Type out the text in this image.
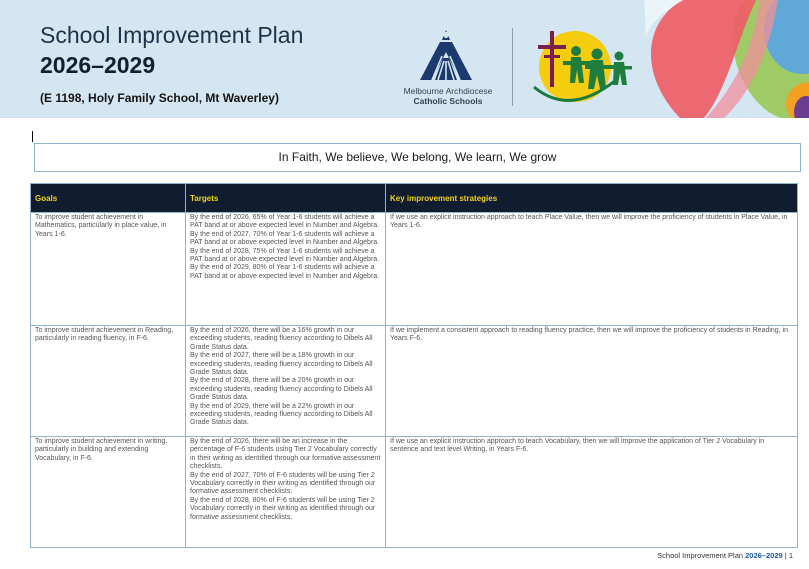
School Improvement Plan
2026–2029
(E 1198, Holy Family School, Mt Waverley)	Melbourne Archdiocese
Catholic Schools
In Faith, We believe, We belong, We learn, We grow
Goals	Targets	Key improvement strategies
To improve student achievement in Mathematics, particularly in place value, in Years 1-6.	By the end of 2026, 65% of Year 1-6 students will achieve a PAT band at or above expected level in Number and Algebra.
By the end of 2027, 70% of Year 1-6 students will achieve a PAT band at or above expected level in Number and Algebra.
By the end of 2028, 75% of Year 1-6 students will achieve a PAT band at or above expected level in Number and Algebra.
By the end of 2029, 80% of Year 1-6 students will achieve a PAT band at or above expected level in Number and Algebra.	If we use an explicit instruction approach to teach Place Value, then we will improve the proficiency of students in Place Value, in Years 1-6.
To improve student achievement in Reading, particularly in reading fluency, in F-6.	By the end of 2026, there will be a 16% growth in our exceeding students, reading fluency according to Dibels All Grade Status data.
By the end of 2027, there will be a 18% growth in our exceeding students, reading fluency according to Dibels All Grade Status data.
By the end of 2028, there will be a 20% growth in our exceeding students, reading fluency according to Dibels All Grade Status data.
By the end of 2029, there will be a 22% growth in our exceeding students, reading fluency according to Dibels All Grade Status data.	If we implement a consistent approach to reading fluency practice, then we will improve the proficiency of students in Reading, in Years F-6.
To improve student achievement in writing, particularly in building and extending Vocabulary, in F-6.	By the end of 2026, there will be an increase in the percentage of F-6 students using Tier 2 Vocabulary correctly in their writing as identified through our formative assessment checklists.
By the end of 2027, 70% of F-6 students will be using Tier 2 Vocabulary correctly in their writing as identified through our formative assessment checklists.
By the end of 2028, 80% of F-6 students will be using Tier 2 Vocabulary correctly in their writing as identified through our formative assessment checklists.	If we use an explicit instruction approach to teach Vocabulary, then we will improve the application of Tier 2 Vocabulary in sentence and text level Writing, in Years F-6.
School Improvement Plan 2026–2029 | 1
